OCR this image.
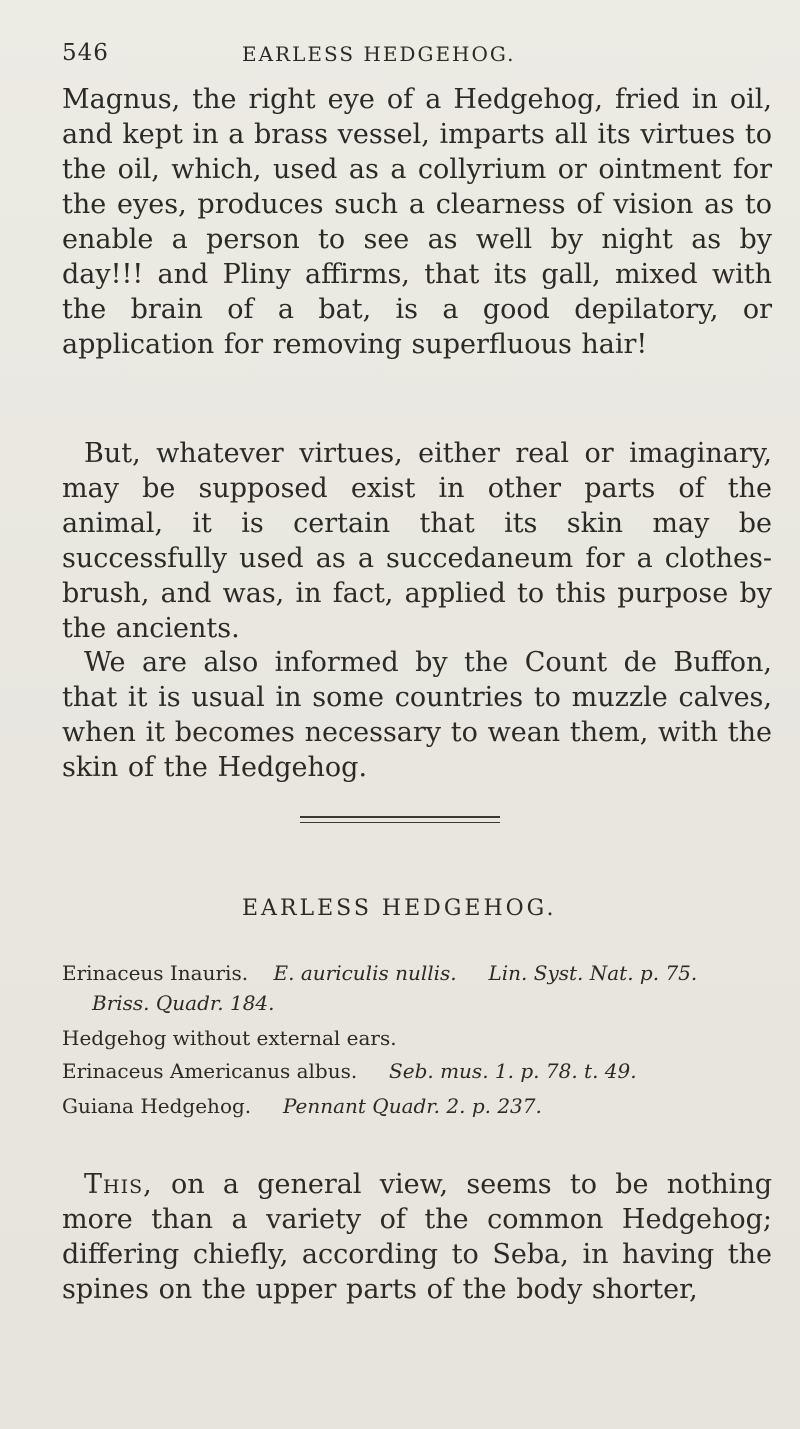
546	EARLESS HEDGEHOG.
Magnus, the right eye of a Hedgehog, fried in oil, and kept in a brass vessel, imparts all its virtues to the oil, which, used as a collyrium or ointment for the eyes, produces such a clearness of vision as to enable a person to see as well by night as by day!!! and Pliny affirms, that its gall, mixed with the brain of a bat, is a good depilatory, or application for removing superfluous hair!
But, whatever virtues, either real or imaginary, may be supposed exist in other parts of the animal, it is certain that its skin may be successfully used as a succedaneum for a clothes-brush, and was, in fact, applied to this purpose by the ancients.
We are also informed by the Count de Buffon, that it is usual in some countries to muzzle calves, when it becomes necessary to wean them, with the skin of the Hedgehog.
EARLESS HEDGEHOG.
Erinaceus Inauris. E. auriculis nullis. Lin. Syst. Nat. p. 75.
Briss. Quadr. 184.
Hedgehog without external ears.
Erinaceus Americanus albus. Seb. mus. 1. p. 78. t. 49.
Guiana Hedgehog. Pennant Quadr. 2. p. 237.
This, on a general view, seems to be nothing more than a variety of the common Hedgehog; differing chiefly, according to Seba, in having the spines on the upper parts of the body shorter,
